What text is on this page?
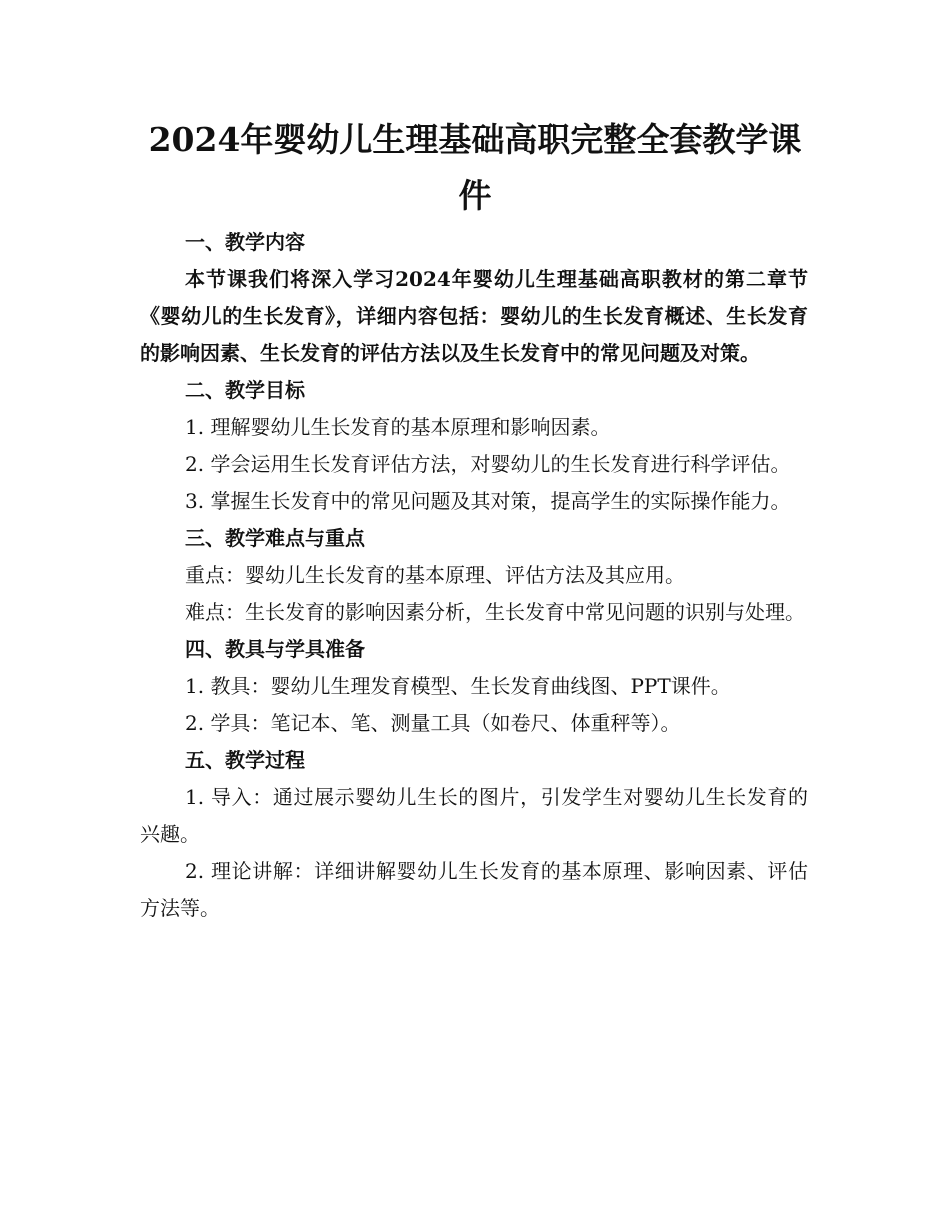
2024年婴幼儿生理基础高职完整全套教学课件

一、教学内容

本节课我们将深入学习2024年婴幼儿生理基础高职教材的第二章节《婴幼儿的生长发育》，详细内容包括：婴幼儿的生长发育概述、生长发育的影响因素、生长发育的评估方法以及生长发育中的常见问题及对策。

二、教学目标

1. 理解婴幼儿生长发育的基本原理和影响因素。

2. 学会运用生长发育评估方法，对婴幼儿的生长发育进行科学评估。

3. 掌握生长发育中的常见问题及其对策，提高学生的实际操作能力。

三、教学难点与重点

重点：婴幼儿生长发育的基本原理、评估方法及其应用。

难点：生长发育的影响因素分析，生长发育中常见问题的识别与处理。

四、教具与学具准备

1. 教具：婴幼儿生理发育模型、生长发育曲线图、PPT课件。

2. 学具：笔记本、笔、测量工具（如卷尺、体重秤等）。

五、教学过程

1. 导入：通过展示婴幼儿生长的图片，引发学生对婴幼儿生长发育的兴趣。

2. 理论讲解：详细讲解婴幼儿生长发育的基本原理、影响因素、评估方法等。
